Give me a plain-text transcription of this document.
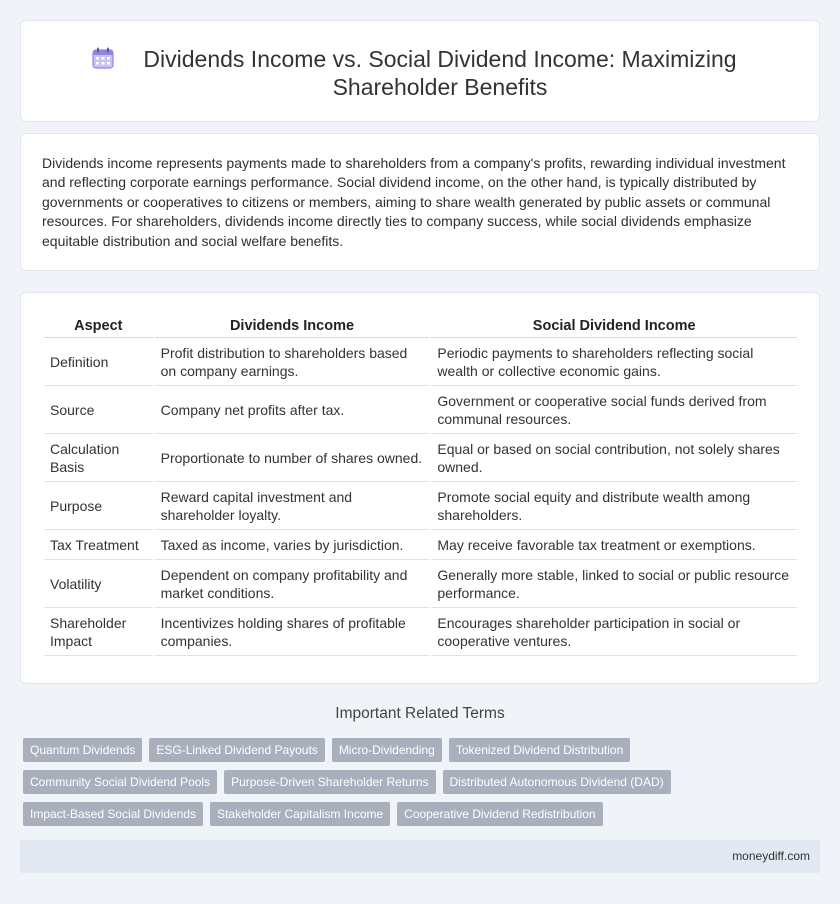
Dividends Income vs. Social Dividend Income: Maximizing Shareholder Benefits

Dividends income represents payments made to shareholders from a company's profits, rewarding individual investment and reflecting corporate earnings performance. Social dividend income, on the other hand, is typically distributed by governments or cooperatives to citizens or members, aiming to share wealth generated by public assets or communal resources. For shareholders, dividends income directly ties to company success, while social dividends emphasize equitable distribution and social welfare benefits.

Aspect	Dividends Income	Social Dividend Income
Definition	Profit distribution to shareholders based on company earnings.	Periodic payments to shareholders reflecting social wealth or collective economic gains.
Source	Company net profits after tax.	Government or cooperative social funds derived from communal resources.
Calculation Basis	Proportionate to number of shares owned.	Equal or based on social contribution, not solely shares owned.
Purpose	Reward capital investment and shareholder loyalty.	Promote social equity and distribute wealth among shareholders.
Tax Treatment	Taxed as income, varies by jurisdiction.	May receive favorable tax treatment or exemptions.
Volatility	Dependent on company profitability and market conditions.	Generally more stable, linked to social or public resource performance.
Shareholder Impact	Incentivizes holding shares of profitable companies.	Encourages shareholder participation in social or cooperative ventures.
Important Related Terms
Quantum Dividends	ESG-Linked Dividend Payouts	Micro-Dividending	Tokenized Dividend Distribution
Community Social Dividend Pools	Purpose-Driven Shareholder Returns	Distributed Autonomous Dividend (DAD)
Impact-Based Social Dividends	Stakeholder Capitalism Income	Cooperative Dividend Redistribution
moneydiff.com
